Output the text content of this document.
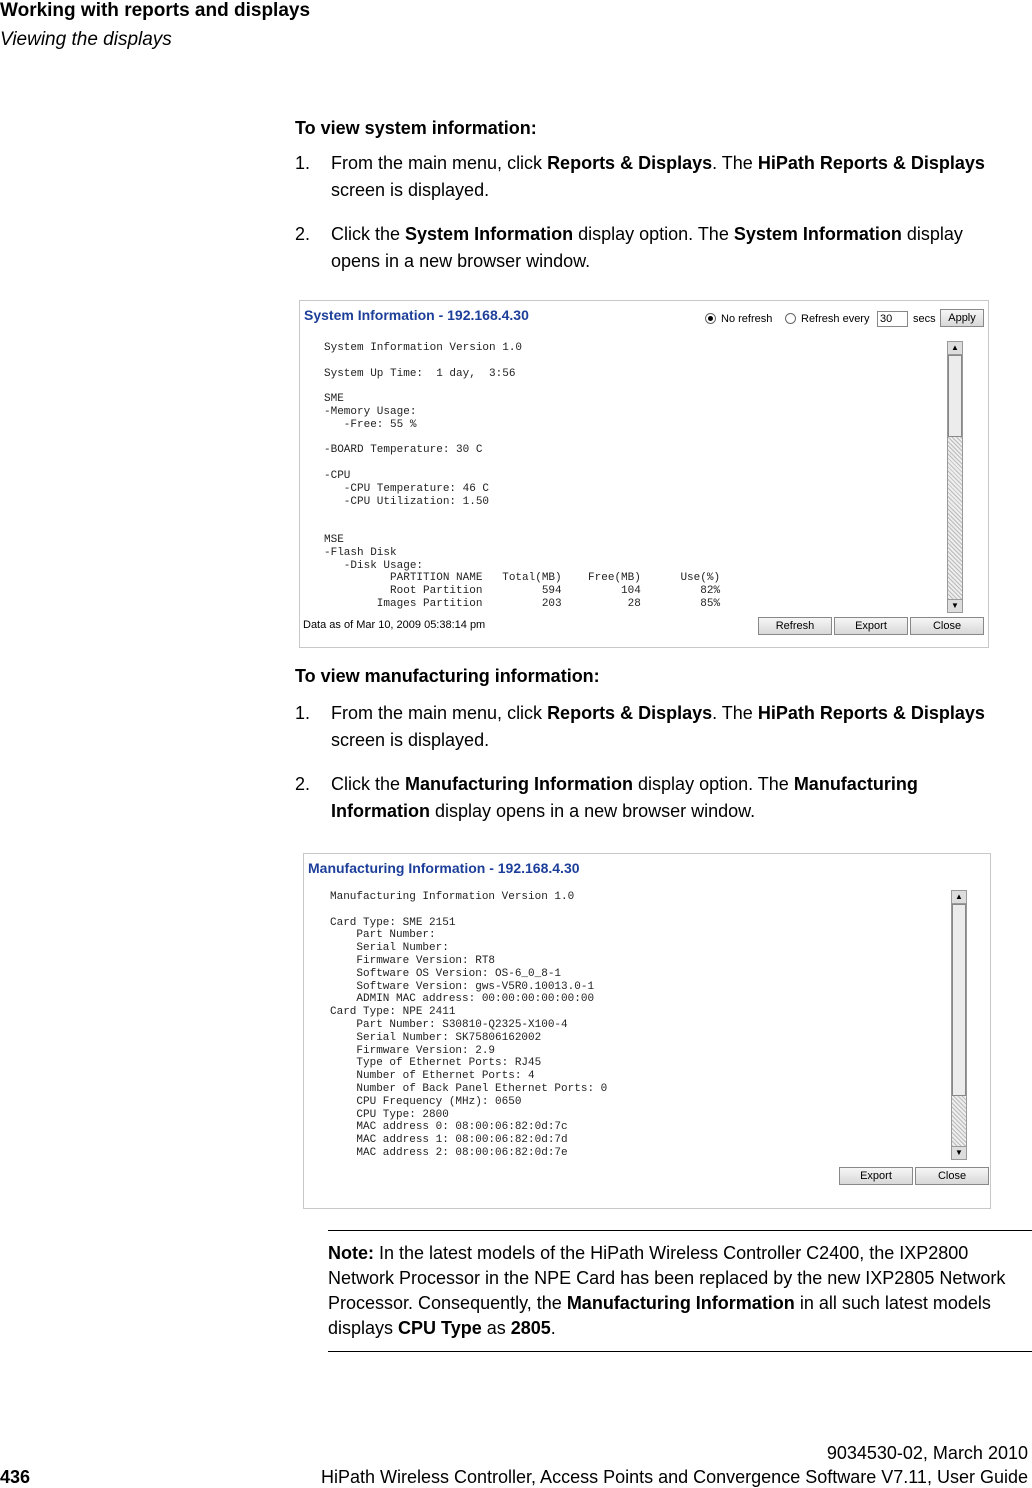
Working with reports and displays
Viewing the displays
To view system information:
1. From the main menu, click Reports & Displays. The HiPath Reports & Displays screen is displayed.
2. Click the System Information display option. The System Information display opens in a new browser window.
System Information - 192.168.4.30	No refresh	Refresh every 30	secs	Apply
System Information Version 1.0

System Up Time:  1 day,  3:56

SME
-Memory Usage:
-Free: 55 %

-BOARD Temperature: 30 C

-CPU
-CPU Temperature: 46 C
-CPU Utilization: 1.50

MSE
-Flash Disk
-Disk Usage:
PARTITION NAME   Total(MB)    Free(MB)      Use(%)
Root Partition         594         104         82%
Images Partition         203          28         85%
▲
▼
Data as of Mar 10, 2009 05:38:14 pm	Refresh	Export	Close
To view manufacturing information:
1. From the main menu, click Reports & Displays. The HiPath Reports & Displays screen is displayed.
2. Click the Manufacturing Information display option. The Manufacturing Information display opens in a new browser window.
Manufacturing Information - 192.168.4.30
Manufacturing Information Version 1.0

Card Type: SME 2151
Part Number:
Serial Number:
Firmware Version: RT8
Software OS Version: OS-6_0_8-1
Software Version: gws-V5R0.10013.0-1
ADMIN MAC address: 00:00:00:00:00:00
Card Type: NPE 2411
Part Number: S30810-Q2325-X100-4
Serial Number: SK75806162002
Firmware Version: 2.9
Type of Ethernet Ports: RJ45
Number of Ethernet Ports: 4
Number of Back Panel Ethernet Ports: 0
CPU Frequency (MHz): 0650
CPU Type: 2800
MAC address 0: 08:00:06:82:0d:7c
MAC address 1: 08:00:06:82:0d:7d
MAC address 2: 08:00:06:82:0d:7e
▲
▼
Export	Close
Note: In the latest models of the HiPath Wireless Controller C2400, the IXP2800 Network Processor in the NPE Card has been replaced by the new IXP2805 Network Processor. Consequently, the Manufacturing Information in all such latest models displays CPU Type as 2805.
9034530-02, March 2010
HiPath Wireless Controller, Access Points and Convergence Software V7.11, User Guide
436
